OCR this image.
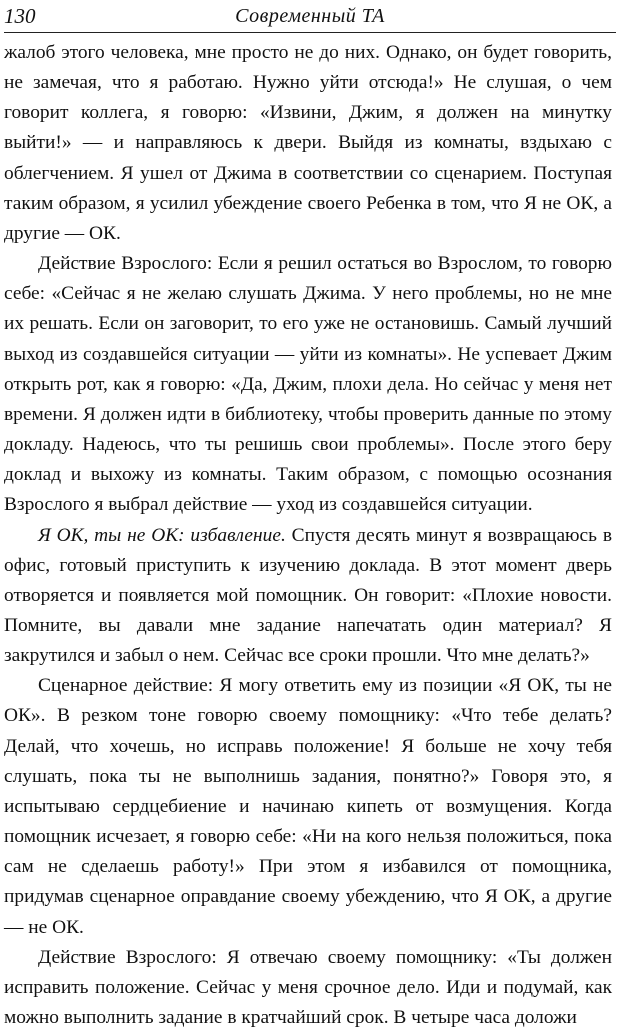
130	Современный ТА

жалоб этого человека, мне просто не до них. Однако, он будет говорить, не замечая, что я работаю. Нужно уйти отсюда!» Не слушая, о чем говорит коллега, я говорю: «Извини, Джим, я должен на минутку выйти!» — и направляюсь к двери. Выйдя из комнаты, вздыхаю с облегчением. Я ушел от Джима в соответствии со сценарием. Поступая таким образом, я усилил убеждение своего Ребенка в том, что Я не ОК, а другие — ОК.

Действие Взрослого: Если я решил остаться во Взрослом, то говорю себе: «Сейчас я не желаю слушать Джима. У него проблемы, но не мне их решать. Если он заговорит, то его уже не остановишь. Самый лучший выход из создавшейся ситуации — уйти из комнаты». Не успевает Джим открыть рот, как я говорю: «Да, Джим, плохи дела. Но сейчас у меня нет времени. Я должен идти в библиотеку, чтобы проверить данные по этому докладу. Надеюсь, что ты решишь свои проблемы». После этого беру доклад и выхожу из комнаты. Таким образом, с помощью осознания Взрослого я выбрал действие — уход из создавшейся ситуации.

Я ОК, ты не ОК: избавление. Спустя десять минут я возвращаюсь в офис, готовый приступить к изучению доклада. В этот момент дверь отворяется и появляется мой помощник. Он говорит: «Плохие новости. Помните, вы давали мне задание напечатать один материал? Я закрутился и забыл о нем. Сейчас все сроки прошли. Что мне делать?»

Сценарное действие: Я могу ответить ему из позиции «Я ОК, ты не ОК». В резком тоне говорю своему помощнику: «Что тебе делать? Делай, что хочешь, но исправь положение! Я больше не хочу тебя слушать, пока ты не выполнишь задания, понятно?» Говоря это, я испытываю сердцебиение и начинаю кипеть от возмущения. Когда помощник исчезает, я говорю себе: «Ни на кого нельзя положиться, пока сам не сделаешь работу!» При этом я избавился от помощника, придумав сценарное оправдание своему убеждению, что Я ОК, а другие — не ОК.

Действие Взрослого: Я отвечаю своему помощнику: «Ты должен исправить положение. Сейчас у меня срочное дело. Иди и подумай, как можно выполнить задание в кратчайший срок. В четыре часа доложи
